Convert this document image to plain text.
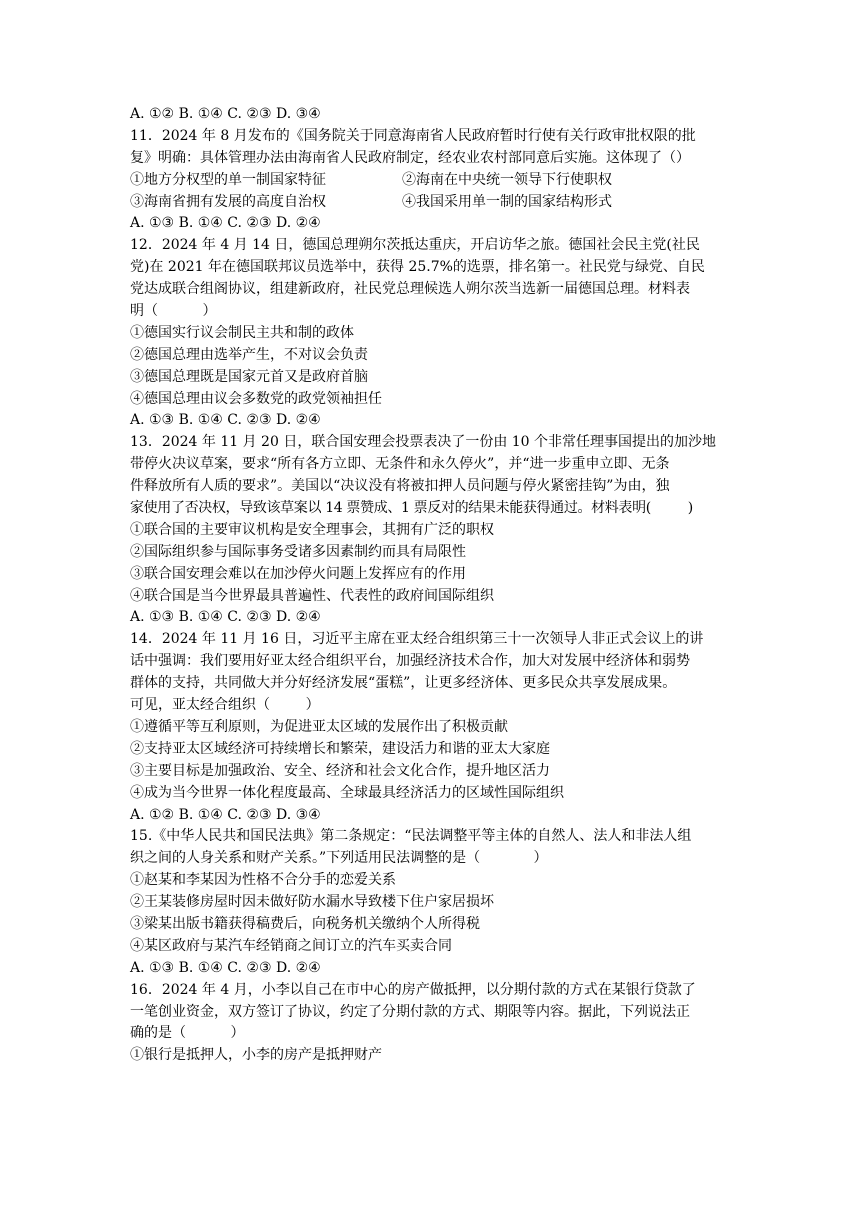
A. ①② B. ①④ C. ②③ D. ③④
11．2024 年 8 月发布的《国务院关于同意海南省人民政府暂时行使有关行政审批权限的批
复》明确：具体管理办法由海南省人民政府制定，经农业农村部同意后实施。这体现了（）
①地方分权型的单一制国家特征	②海南在中央统一领导下行使职权
③海南省拥有发展的高度自治权	④我国采用单一制的国家结构形式
A. ①③ B. ①④ C. ②③ D. ②④
12．2024 年 4 月 14 日，德国总理朔尔茨抵达重庆，开启访华之旅。德国社会民主党(社民
党)在 2021 年在德国联邦议员选举中，获得 25.7%的选票，排名第一。社民党与绿党、自民
党达成联合组阁协议，组建新政府，社民党总理候选人朔尔茨当选新一届德国总理。材料表
明（          ）
①德国实行议会制民主共和制的政体
②德国总理由选举产生，不对议会负责
③德国总理既是国家元首又是政府首脑
④德国总理由议会多数党的政党领袖担任
A. ①③ B. ①④ C. ②③ D. ②④
13．2024 年 11 月 20 日，联合国安理会投票表决了一份由 10 个非常任理事国提出的加沙地
带停火决议草案，要求“所有各方立即、无条件和永久停火”，并“进一步重申立即、无条
件释放所有人质的要求”。美国以“决议没有将被扣押人员问题与停火紧密挂钩”为由，独
家使用了否决权，导致该草案以 14 票赞成、1 票反对的结果未能获得通过。材料表明(         )
①联合国的主要审议机构是安全理事会，其拥有广泛的职权
②国际组织参与国际事务受诸多因素制约而具有局限性
③联合国安理会难以在加沙停火问题上发挥应有的作用
④联合国是当今世界最具普遍性、代表性的政府间国际组织
A. ①③ B. ①④ C. ②③ D. ②④
14．2024 年 11 月 16 日，习近平主席在亚太经合组织第三十一次领导人非正式会议上的讲
话中强调：我们要用好亚太经合组织平台，加强经济技术合作，加大对发展中经济体和弱势
群体的支持，共同做大并分好经济发展“蛋糕”，让更多经济体、更多民众共享发展成果。
可见，亚太经合组织（        ）
①遵循平等互利原则，为促进亚太区域的发展作出了积极贡献
②支持亚太区域经济可持续增长和繁荣，建设活力和谐的亚太大家庭
③主要目标是加强政治、安全、经济和社会文化合作，提升地区活力
④成为当今世界一体化程度最高、全球最具经济活力的区域性国际组织
A. ①② B. ①④ C. ②③ D. ③④
15.《中华人民共和国民法典》第二条规定：“民法调整平等主体的自然人、法人和非法人组
织之间的人身关系和财产关系。”下列适用民法调整的是（            ）
①赵某和李某因为性格不合分手的恋爱关系
②王某装修房屋时因未做好防水漏水导致楼下住户家居损坏
③梁某出版书籍获得稿费后，向税务机关缴纳个人所得税
④某区政府与某汽车经销商之间订立的汽车买卖合同
A. ①③ B. ①④ C. ②③ D. ②④
16．2024 年 4 月，小李以自己在市中心的房产做抵押，以分期付款的方式在某银行贷款了
一笔创业资金，双方签订了协议，约定了分期付款的方式、期限等内容。据此，下列说法正
确的是（          ）
①银行是抵押人，小李的房产是抵押财产
